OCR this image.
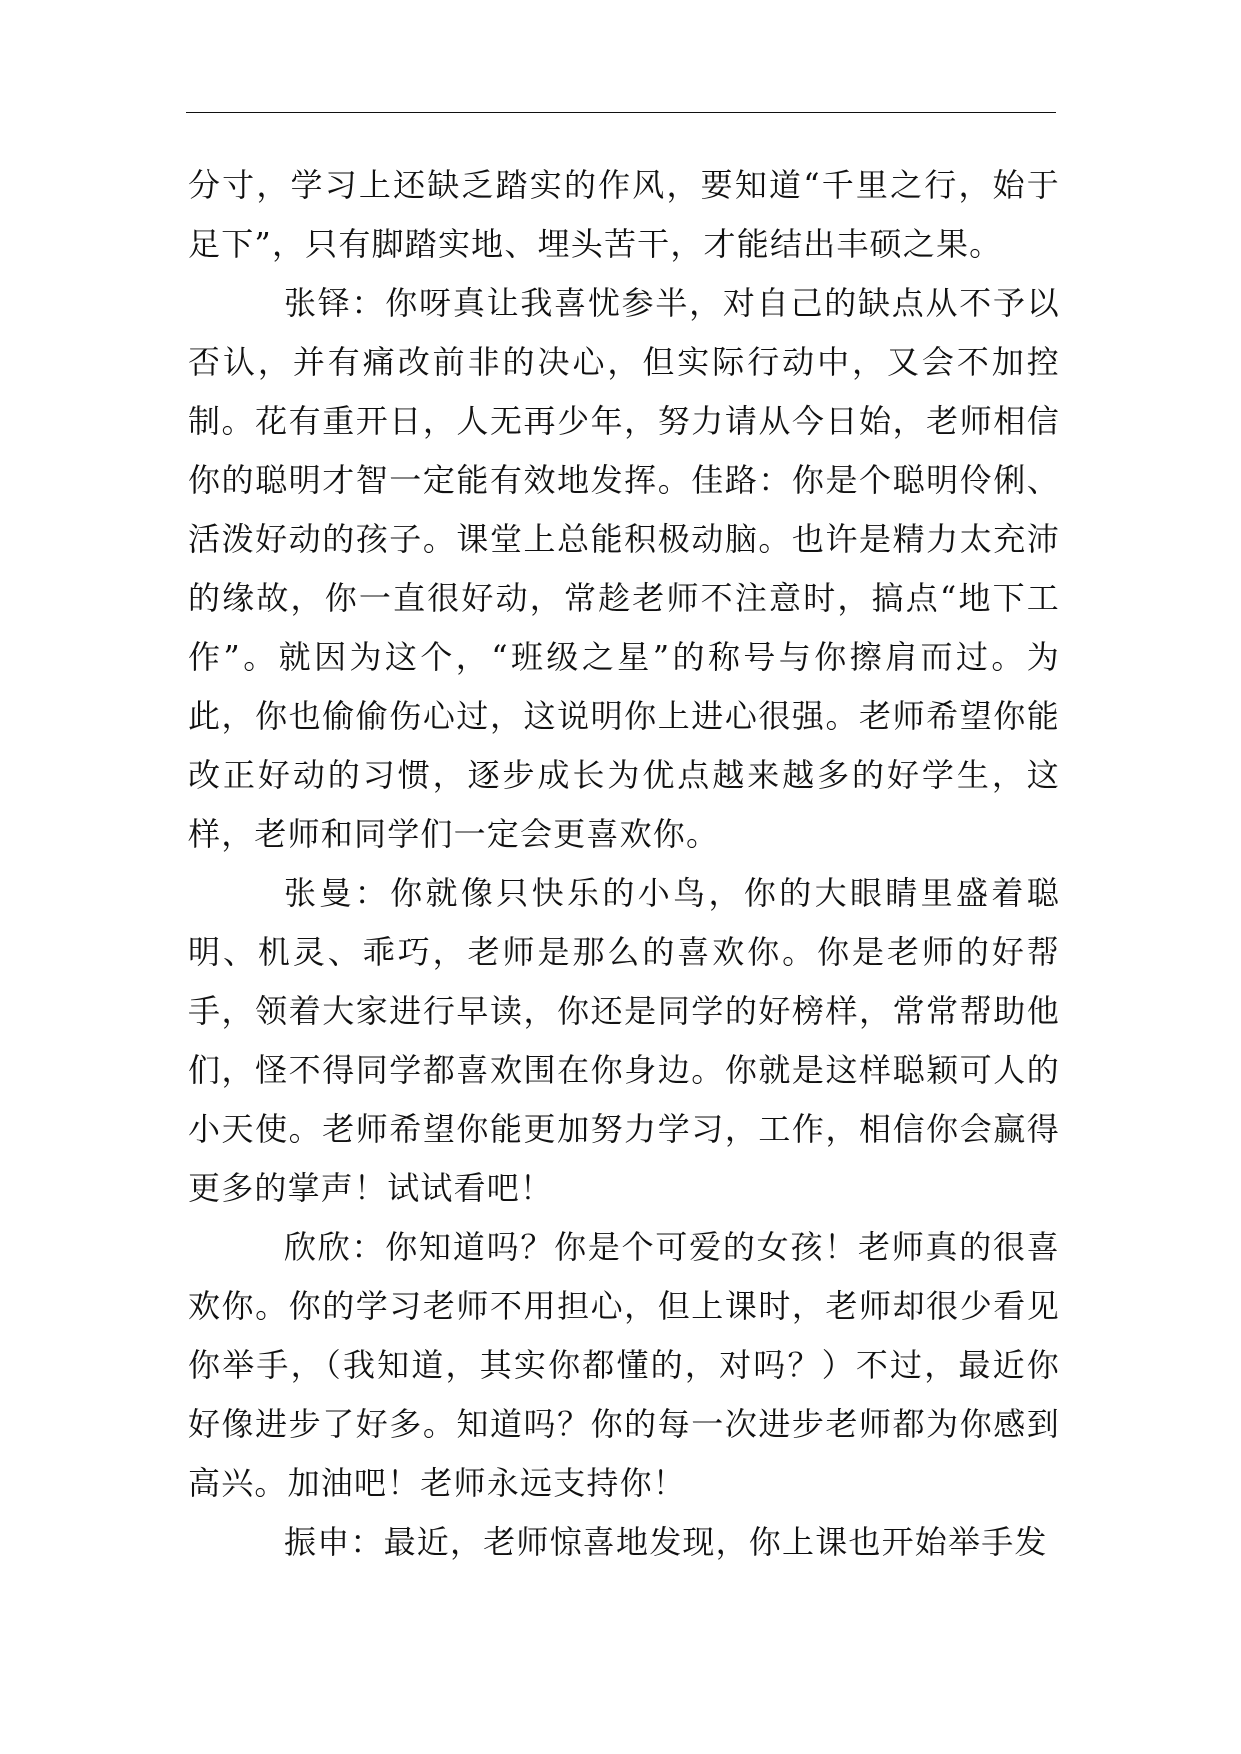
分寸，学习上还缺乏踏实的作风，要知道“千里之行，始于足下”，只有脚踏实地、埋头苦干，才能结出丰硕之果。

张铎：你呀真让我喜忧参半，对自己的缺点从不予以否认，并有痛改前非的决心，但实际行动中，又会不加控制。花有重开日，人无再少年，努力请从今日始，老师相信你的聪明才智一定能有效地发挥。佳路：你是个聪明伶俐、活泼好动的孩子。课堂上总能积极动脑。也许是精力太充沛的缘故，你一直很好动，常趁老师不注意时，搞点“地下工作”。就因为这个，“班级之星”的称号与你擦肩而过。为此，你也偷偷伤心过，这说明你上进心很强。老师希望你能改正好动的习惯，逐步成长为优点越来越多的好学生，这样，老师和同学们一定会更喜欢你。

张曼：你就像只快乐的小鸟，你的大眼睛里盛着聪明、机灵、乖巧，老师是那么的喜欢你。你是老师的好帮手，领着大家进行早读，你还是同学的好榜样，常常帮助他们，怪不得同学都喜欢围在你身边。你就是这样聪颖可人的小天使。老师希望你能更加努力学习，工作，相信你会赢得更多的掌声！试试看吧！

欣欣：你知道吗？你是个可爱的女孩！老师真的很喜欢你。你的学习老师不用担心，但上课时，老师却很少看见你举手，（我知道，其实你都懂的，对吗？）不过，最近你好像进步了好多。知道吗？你的每一次进步老师都为你感到高兴。加油吧！老师永远支持你！

振申：最近，老师惊喜地发现，你上课也开始举手发
